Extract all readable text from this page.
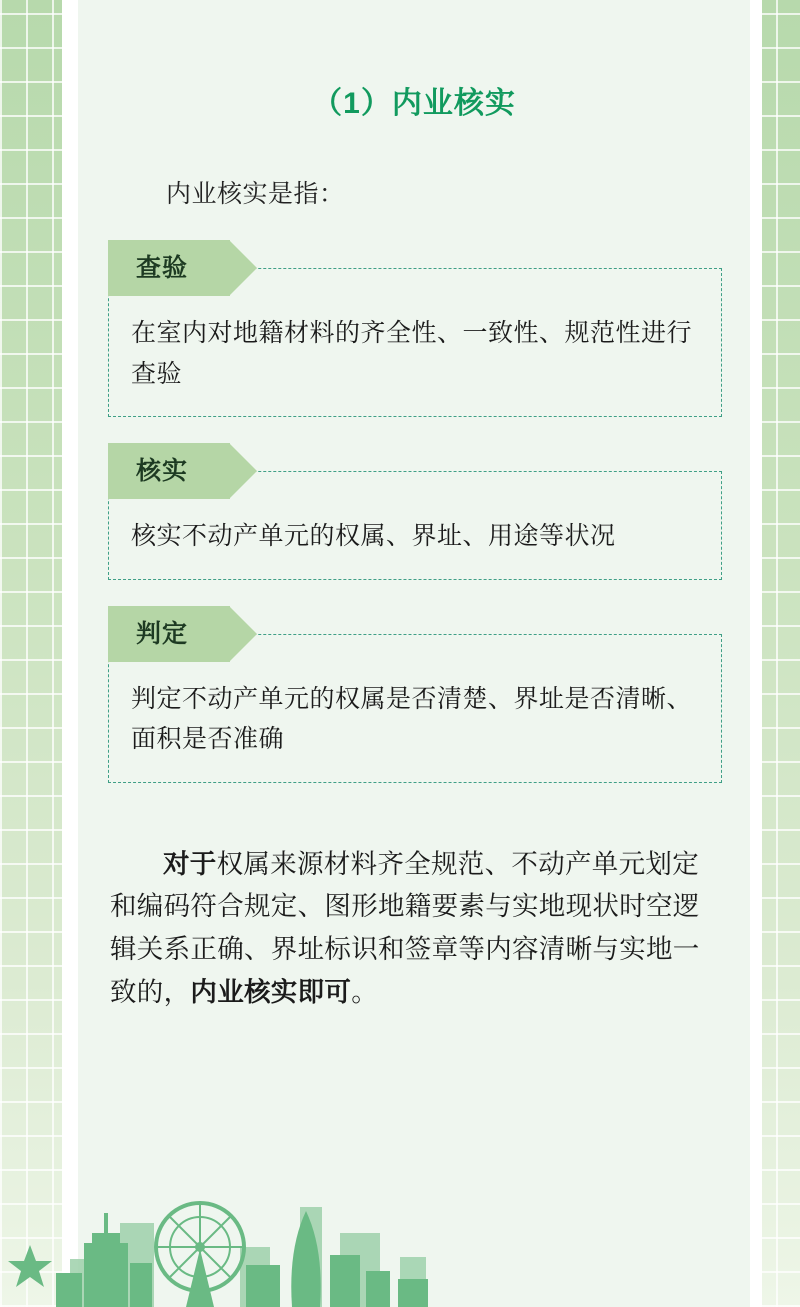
（1）内业核实

内业核实是指：

查验

在室内对地籍材料的齐全性、一致性、规范性进行查验

核实

核实不动产单元的权属、界址、用途等状况

判定

判定不动产单元的权属是否清楚、界址是否清晰、面积是否准确

对于权属来源材料齐全规范、不动产单元划定和编码符合规定、图形地籍要素与实地现状时空逻辑关系正确、界址标识和签章等内容清晰与实地一致的，内业核实即可。
